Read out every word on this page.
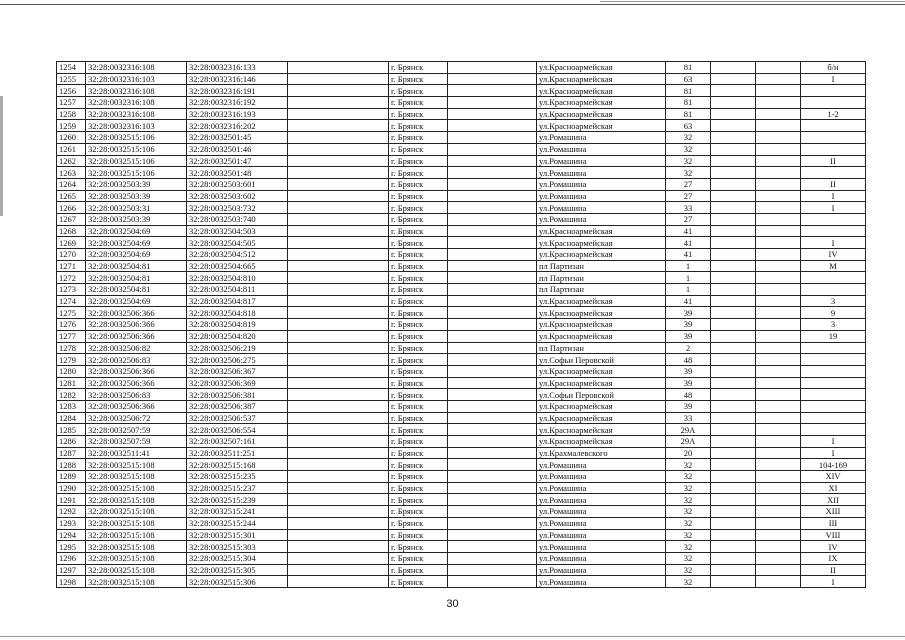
1254	32:28:0032316:108	32:28:0032316:133		г. Брянск		ул.Красноармейская	81			б/н
1255	32:28:0032316:103	32:28:0032316:146		г. Брянск		ул.Красноармейская	63			I
1256	32:28:0032316:108	32:28:0032316:191		г. Брянск		ул.Красноармейская	81			
1257	32:28:0032316:108	32:28:0032316:192		г. Брянск		ул.Красноармейская	81			
1258	32:28:0032316:108	32:28:0032316:193		г. Брянск		ул.Красноармейская	81			1-2
1259	32:28:0032316:103	32:28:0032316:202		г. Брянск		ул.Красноармейская	63			
1260	32:28:0032515:106	32:28:0032501:45		г. Брянск		ул.Ромашина	32			
1261	32:28:0032515:106	32:28:0032501:46		г. Брянск		ул.Ромашина	32			
1262	32:28:0032515:106	32:28:0032501:47		г. Брянск		ул.Ромашина	32			II
1263	32:28:0032515:106	32:28:0032501:48		г. Брянск		ул.Ромашина	32			
1264	32:28:0032503:39	32:28:0032503:601		г. Брянск		ул.Ромашина	27			II
1265	32:28:0032503:39	32:28:0032503:602		г. Брянск		ул.Ромашина	27			I
1266	32:28:0032503:31	32:28:0032503:732		г. Брянск		ул.Ромашина	33			I
1267	32:28:0032503:39	32:28:0032503:740		г. Брянск		ул.Ромашина	27			
1268	32:28:0032504:69	32:28:0032504:503		г. Брянск		ул.Красноармейская	41			
1269	32:28:0032504:69	32:28:0032504:505		г. Брянск		ул.Красноармейская	41			I
1270	32:28:0032504:69	32:28:0032504:512		г. Брянск		ул.Красноармейская	41			IV
1271	32:28:0032504:81	32:28:0032504:665		г. Брянск		пл Партизан	1			M
1272	32:28:0032504:81	32:28:0032504:810		г. Брянск		пл Партизан	1			
1273	32:28:0032504:81	32:28:0032504:811		г. Брянск		пл Партизан	1			
1274	32:28:0032504:69	32:28:0032504:817		г. Брянск		ул.Красноармейская	41			3
1275	32:28:0032506:366	32:28:0032504:818		г. Брянск		ул.Красноармейская	39			9
1276	32:28:0032506:366	32:28:0032504:819		г. Брянск		ул.Красноармейская	39			3
1277	32:28:0032506:366	32:28:0032504:820		г. Брянск		ул.Красноармейская	39			19
1278	32:28:0032506:82	32:28:0032506:219		г. Брянск		пл Партизан	2			
1279	32:28:0032506:83	32:28:0032506:275		г. Брянск		ул.Софьи Перовской	48			
1280	32:28:0032506:366	32:28:0032506:367		г. Брянск		ул.Красноармейская	39			
1281	32:28:0032506:366	32:28:0032506:369		г. Брянск		ул.Красноармейская	39			
1282	32:28:0032506:83	32:28:0032506:381		г. Брянск		ул.Софьи Перовской	48			
1283	32:28:0032506:366	32:28:0032506:387		г. Брянск		ул.Красноармейская	39			
1284	32:28:0032506:72	32:28:0032506:537		г. Брянск		ул.Красноармейская	33			
1285	32:28:0032507:59	32:28:0032506:554		г. Брянск		ул.Красноармейская	29А			
1286	32:28:0032507:59	32:28:0032507:161		г. Брянск		ул.Красноармейская	29А			I
1287	32:28:0032511:41	32:28:0032511:251		г. Брянск		ул.Крахмалевского	20			I
1288	32:28:0032515:108	32:28:0032515:168		г. Брянск		ул.Ромашина	32			104-169
1289	32:28:0032515:108	32:28:0032515:235		г. Брянск		ул.Ромашина	32			XIV
1290	32:28:0032515:108	32:28:0032515:237		г. Брянск		ул.Ромашина	32			XI
1291	32:28:0032515:108	32:28:0032515:239		г. Брянск		ул.Ромашина	32			XII
1292	32:28:0032515:108	32:28:0032515:241		г. Брянск		ул.Ромашина	32			XIII
1293	32:28:0032515:108	32:28:0032515:244		г. Брянск		ул.Ромашина	32			III
1294	32:28:0032515:108	32:28:0032515:301		г. Брянск		ул.Ромашина	32			VIII
1295	32:28:0032515:108	32:28:0032515:303		г. Брянск		ул.Ромашина	32			IV
1296	32:28:0032515:108	32:28:0032515:304		г. Брянск		ул.Ромашина	32			IX
1297	32:28:0032515:108	32:28:0032515:305		г. Брянск		ул.Ромашина	32			II
1298	32:28:0032515:108	32:28:0032515:306		г. Брянск		ул.Ромашина	32			I
30
